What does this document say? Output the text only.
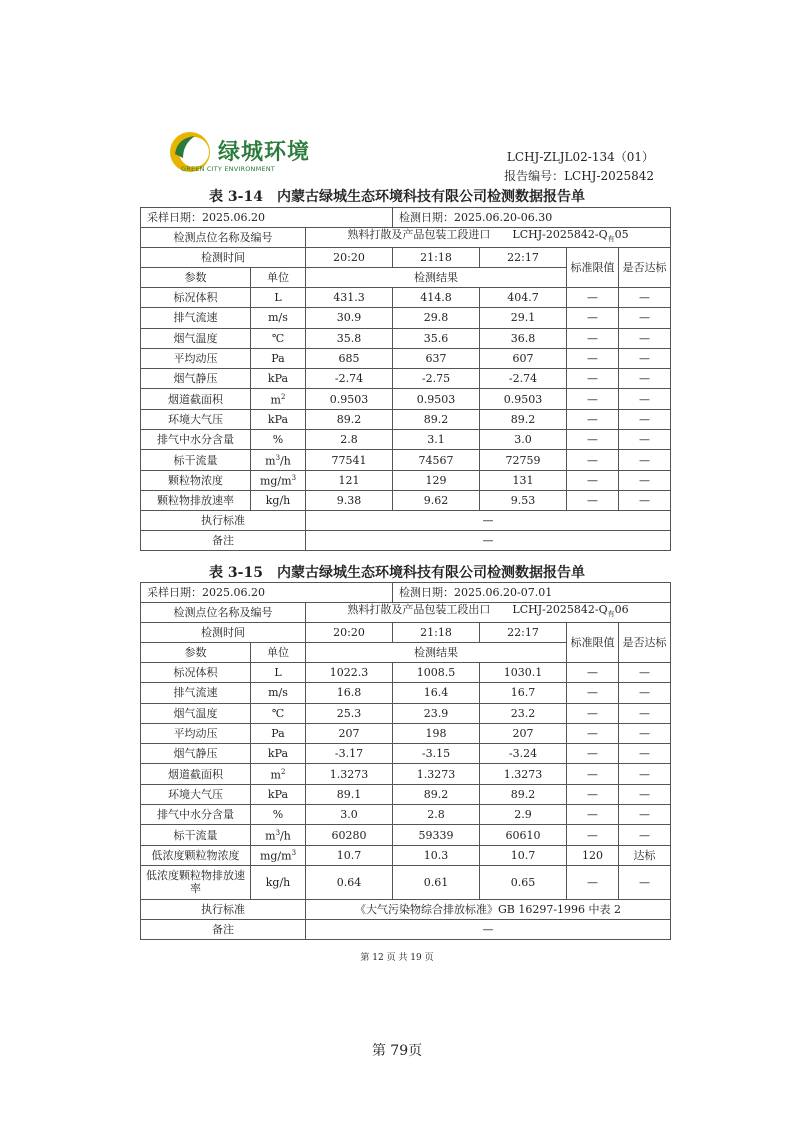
绿城环境
GREEN CITY ENVIRONMENT
LCHJ-ZLJL02-134（01）
报告编号：LCHJ-2025842
表 3-14　内蒙古绿城生态环境科技有限公司检测数据报告单
采样日期：2025.06.20			检测日期：2025.06.20-06.30			
检测点位名称及编号		熟料打散及产品包装工段进口　　 LCHJ-$2025842-Q_有05$				
检测时间		20:20	21:18	22:17	标准限值	是否达标
参数	单位	检测结果				
标况体积	L	431.3	414.8	404.7	—	—
排气流速	m/s	30.9	29.8	29.1	—	—
烟气温度	℃	35.8	35.6	36.8	—	—
平均动压	Pa	685	637	607	—	—
烟气静压	kPa	-2.74	-2.75	-2.74	—	—
烟道截面积	$m^2$	0.9503	0.9503	0.9503	—	—
环境大气压	kPa	89.2	89.2	89.2	—	—
排气中水分含量	%	2.8	3.1	3.0	—	—
标干流量	$m^3/h$	77541	74567	72759	—	—
颗粒物浓度	$mg/m^3$	121	129	131	—	—
颗粒物排放速率	kg/h	9.38	9.62	9.53	—	—
执行标准		—				
备注		—				
表 3-15　内蒙古绿城生态环境科技有限公司检测数据报告单
采样日期：2025.06.20			检测日期：2025.06.20-07.01			
检测点位名称及编号		熟料打散及产品包装工段出口　　 LCHJ-$2025842-Q_有06$				
检测时间		20:20	21:18	22:17	标准限值	是否达标
参数	单位	检测结果				
标况体积	L	1022.3	1008.5	1030.1	—	—
排气流速	m/s	16.8	16.4	16.7	—	—
烟气温度	℃	25.3	23.9	23.2	—	—
平均动压	Pa	207	198	207	—	—
烟气静压	kPa	-3.17	-3.15	-3.24	—	—
烟道截面积	$m^2$	1.3273	1.3273	1.3273	—	—
环境大气压	kPa	89.1	89.2	89.2	—	—
排气中水分含量	%	3.0	2.8	2.9	—	—
标干流量	$m^3/h$	60280	59339	60610	—	—
低浓度颗粒物浓度	$mg/m^3$	10.7	10.3	10.7	120	达标
低浓度颗粒物排放速率	kg/h	0.64	0.61	0.65	—	—
执行标准		《大气污染物综合排放标准》GB 16297-1996 中表 2				
备注		—				
第 12 页 共 19 页
第 79页
